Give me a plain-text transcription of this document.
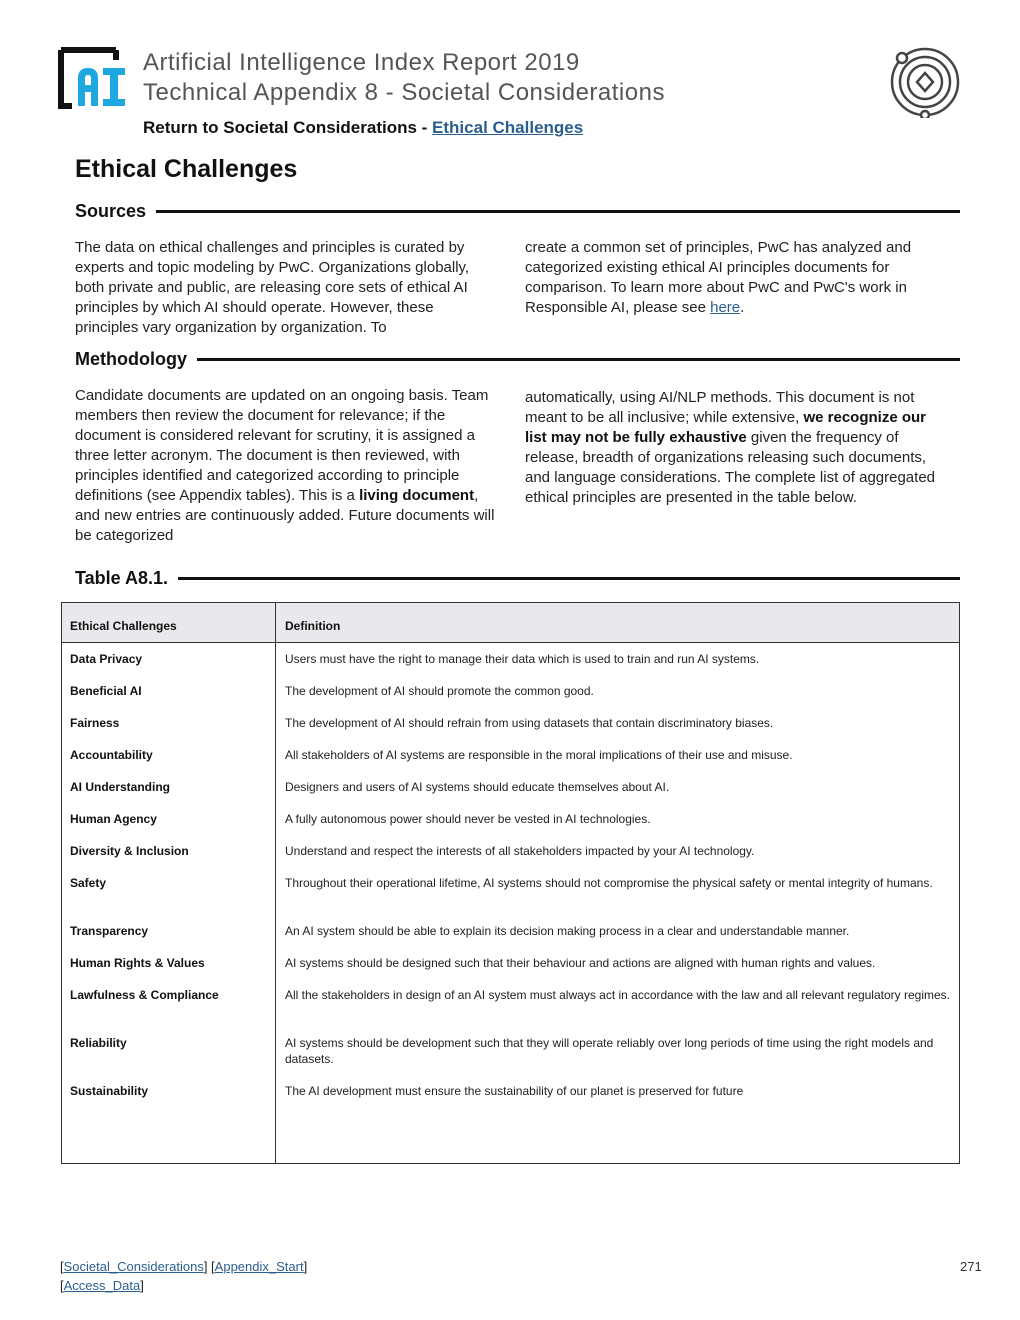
Artificial Intelligence Index Report 2019
Technical Appendix 8 - Societal Considerations
Return to Societal Considerations - Ethical Challenges
Ethical Challenges
Sources
The data on ethical challenges and principles is curated by experts and topic modeling by PwC. Organizations globally, both private and public, are releasing core sets of ethical AI principles by which AI should operate. However, these principles vary organization by organization. To
create a common set of principles, PwC has analyzed and categorized existing ethical AI principles documents for comparison. To learn more about PwC and PwC's work in Responsible AI, please see here.
Methodology
Candidate documents are updated on an ongoing basis. Team members then review the document for relevance; if the document is considered relevant for scrutiny, it is assigned a three letter acronym. The document is then reviewed, with principles identified and categorized according to principle definitions (see Appendix tables). This is a living document, and new entries are continuously added. Future documents will be categorized
automatically, using AI/NLP methods. This document is not meant to be all inclusive; while extensive, we recognize our list may not be fully exhaustive given the frequency of release, breadth of organizations releasing such documents, and language considerations. The complete list of aggregated ethical principles are presented in the table below.
Table A8.1.
Ethical Challenges	Definition
Data Privacy	Users must have the right to manage their data which is used to train and run AI systems.
Beneficial AI	The development of AI should promote the common good.
Fairness	The development of AI should refrain from using datasets that contain discriminatory biases.
Accountability	All stakeholders of AI systems are responsible in the moral implications of their use and misuse.
AI Understanding	Designers and users of AI systems should educate themselves about AI.
Human Agency	A fully autonomous power should never be vested in AI technologies.
Diversity & Inclusion	Understand and respect the interests of all stakeholders impacted by your AI technology.
Safety	Throughout their operational lifetime, AI systems should not compromise the physical safety or mental integrity of humans.
Transparency	An AI system should be able to explain its decision making process in a clear and understandable manner.
Human Rights & Values	AI systems should be designed such that their behaviour and actions are aligned with human rights and values.
Lawfulness & Compliance	All the stakeholders in design of an AI system must always act in accordance with the law and all relevant regulatory regimes.
Reliability	AI systems should be development such that they will operate reliably over long periods of time using the right models and datasets.
Sustainability	The AI development must ensure the sustainability of our planet is preserved for future
[Societal_Considerations] [Appendix_Start]
[Access_Data]
271
